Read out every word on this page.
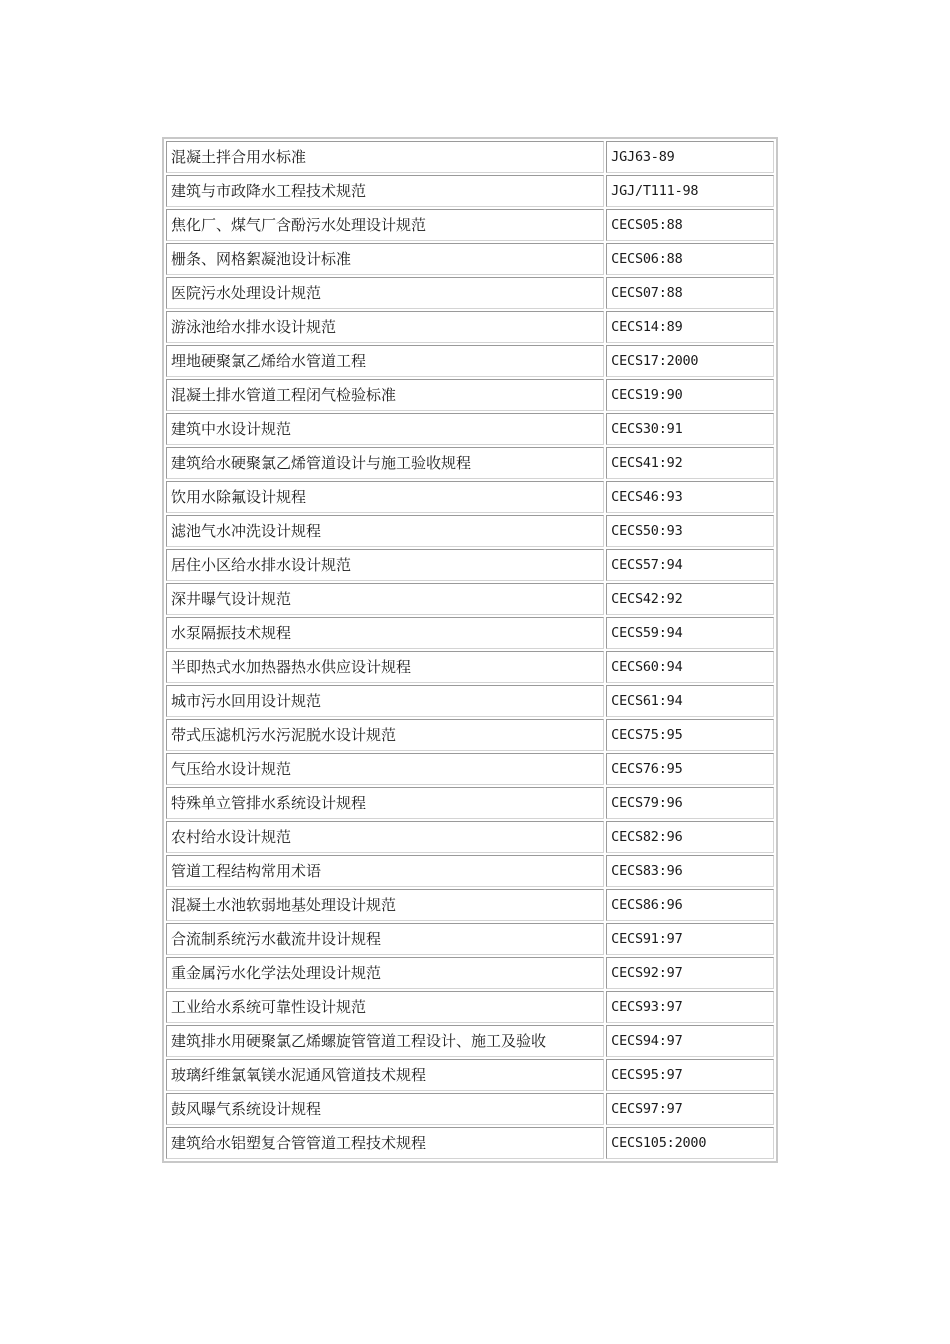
混凝土拌合用水标准	JGJ63-89
建筑与市政降水工程技术规范	JGJ/T111-98
焦化厂、煤气厂含酚污水处理设计规范	CECS05:88
栅条、网格絮凝池设计标准	CECS06:88
医院污水处理设计规范	CECS07:88
游泳池给水排水设计规范	CECS14:89
埋地硬聚氯乙烯给水管道工程	CECS17:2000
混凝土排水管道工程闭气检验标准	CECS19:90
建筑中水设计规范	CECS30:91
建筑给水硬聚氯乙烯管道设计与施工验收规程	CECS41:92
饮用水除氟设计规程	CECS46:93
滤池气水冲洗设计规程	CECS50:93
居住小区给水排水设计规范	CECS57:94
深井曝气设计规范	CECS42:92
水泵隔振技术规程	CECS59:94
半即热式水加热器热水供应设计规程	CECS60:94
城市污水回用设计规范	CECS61:94
带式压滤机污水污泥脱水设计规范	CECS75:95
气压给水设计规范	CECS76:95
特殊单立管排水系统设计规程	CECS79:96
农村给水设计规范	CECS82:96
管道工程结构常用术语	CECS83:96
混凝土水池软弱地基处理设计规范	CECS86:96
合流制系统污水截流井设计规程	CECS91:97
重金属污水化学法处理设计规范	CECS92:97
工业给水系统可靠性设计规范	CECS93:97
建筑排水用硬聚氯乙烯螺旋管管道工程设计、施工及验收	CECS94:97
玻璃纤维氯氧镁水泥通风管道技术规程	CECS95:97
鼓风曝气系统设计规程	CECS97:97
建筑给水铝塑复合管管道工程技术规程	CECS105:2000
